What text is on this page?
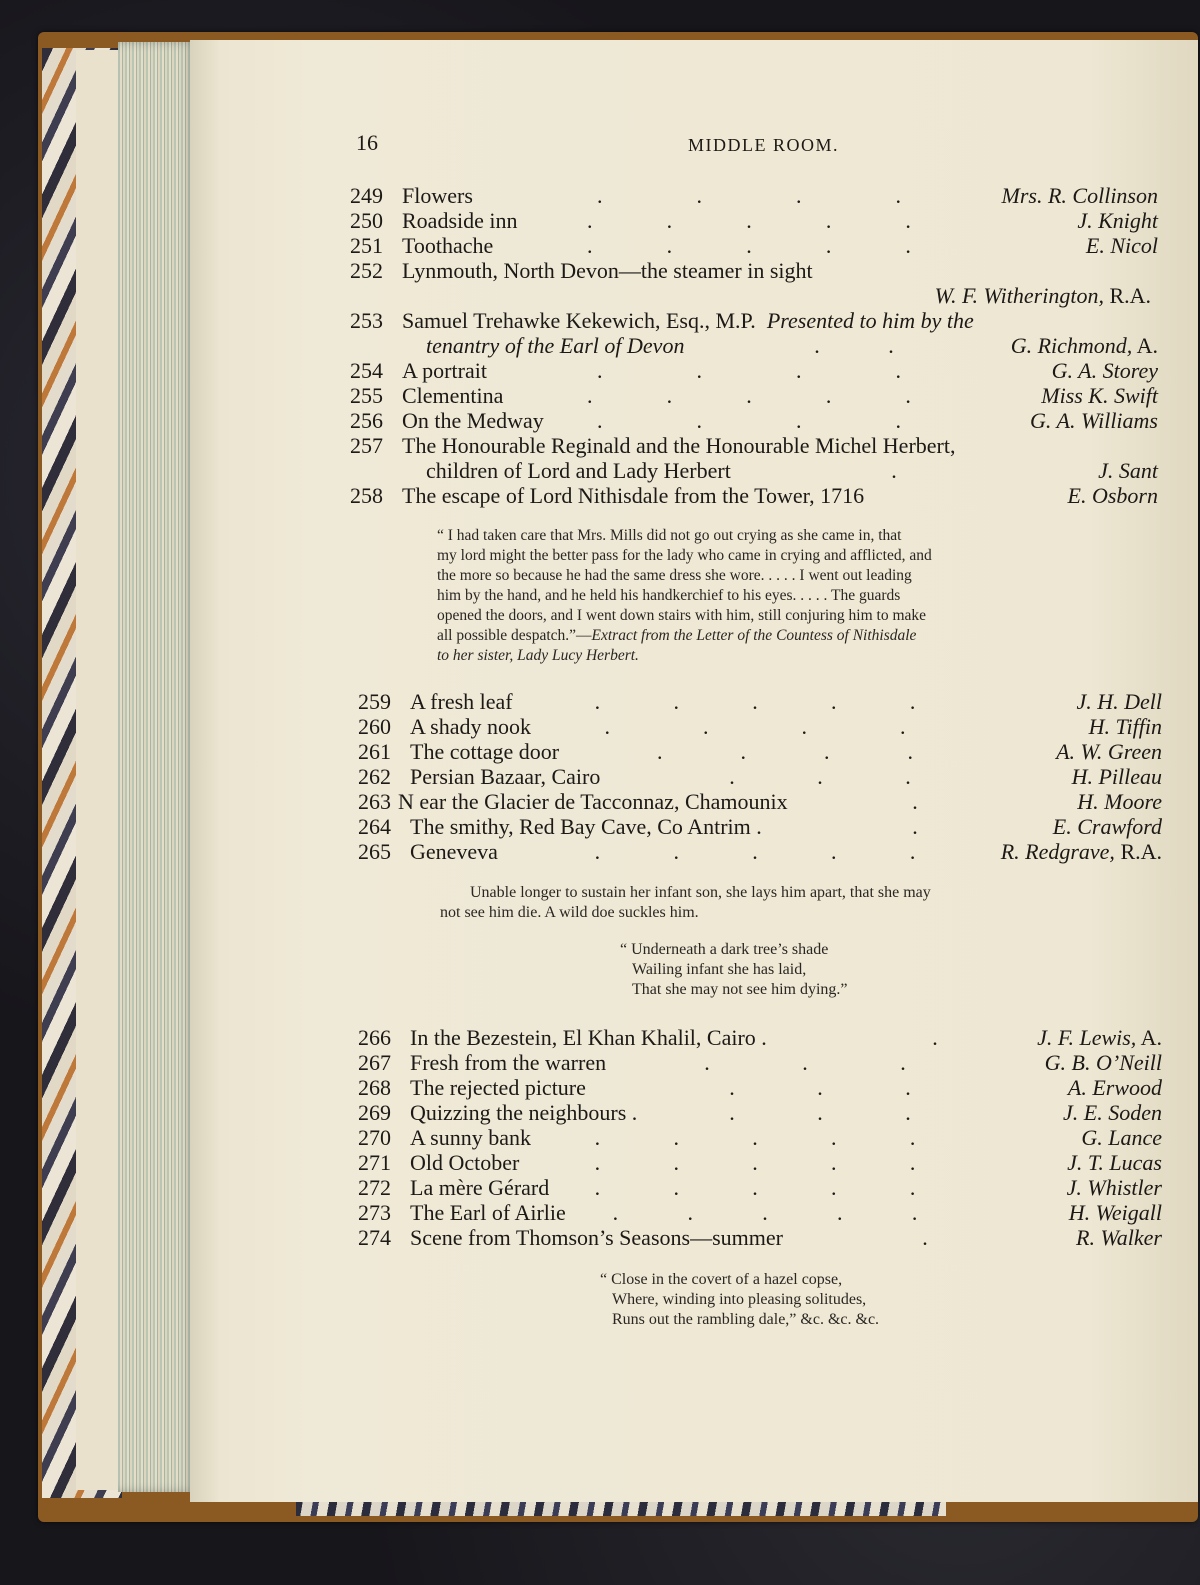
16	MIDDLE ROOM.
249 Flowers	.	.	.	.	Mrs. R. Collinson
250 Roadside inn	.	.	.	.	.	J. Knight
251 Toothache	.	.	.	.	.	E. Nicol
252 Lynmouth, North Devon—the steamer in sight
W. F. Witherington, R.A.
253 Samuel Trehawke Kekewich, Esq., M.P. Presented to him by the
tenantry of the Earl of Devon	.	.	G. Richmond, A.
254 A portrait	.	.	.	.	G. A. Storey
255 Clementina	.	.	.	.	.	Miss K. Swift
256 On the Medway .	.	.	.	G. A. Williams
257 The Honourable Reginald and the Honourable Michel Herbert,
children of Lord and Lady Herbert	.	J. Sant
258 The escape of Lord Nithisdale from the Tower, 1716	E. Osborn

“ I had taken care that Mrs. Mills did not go out crying as she came in, that

my lord might the better pass for the lady who came in crying and afflicted, and

the more so because he had the same dress she wore. . . . . I went out leading

him by the hand, and he held his handkerchief to his eyes. . . . . The guards

opened the doors, and I went down stairs with him, still conjuring him to make

all possible despatch.”—Extract from the Letter of the Countess of Nithisdale

to her sister, Lady Lucy Herbert.

259 A fresh leaf	.	.	.	.	.	J. H. Dell
260 A shady nook	.	.	.	.	H. Tiffin
261 The cottage door	.	.	.	.	A. W. Green
262 Persian Bazaar, Cairo	.	.	.	H. Pilleau
263 N ear the Glacier de Tacconnaz, Chamounix	.	H. Moore
264 The smithy, Red Bay Cave, Co Antrim .	.	E. Crawford
265 Geneveva	.	.	.	.	.	R. Redgrave, R.A.

Unable longer to sustain her infant son, she lays him apart, that she may

not see him die. A wild doe suckles him.

“ Underneath a dark tree’s shade
Wailing infant she has laid,
That she may not see him dying.”
266 In the Bezestein, El Khan Khalil, Cairo .	.	J. F. Lewis, A.
267 Fresh from the warren	.	.	.	G. B. O’Neill
268 The rejected picture	.	.	.	A. Erwood
269 Quizzing the neighbours .	.	.	.	J. E. Soden
270 A sunny bank	.	.	.	.	.	G. Lance
271 Old October	.	.	.	.	.	J. T. Lucas
272 La mère Gérard .	.	.	.	.	J. Whistler
273 The Earl of Airlie .	.	.	.	.	H. Weigall
274 Scene from Thomson’s Seasons—summer	.	R. Walker
“ Close in the covert of a hazel copse,
Where, winding into pleasing solitudes,
Runs out the rambling dale,” &c. &c. &c.
